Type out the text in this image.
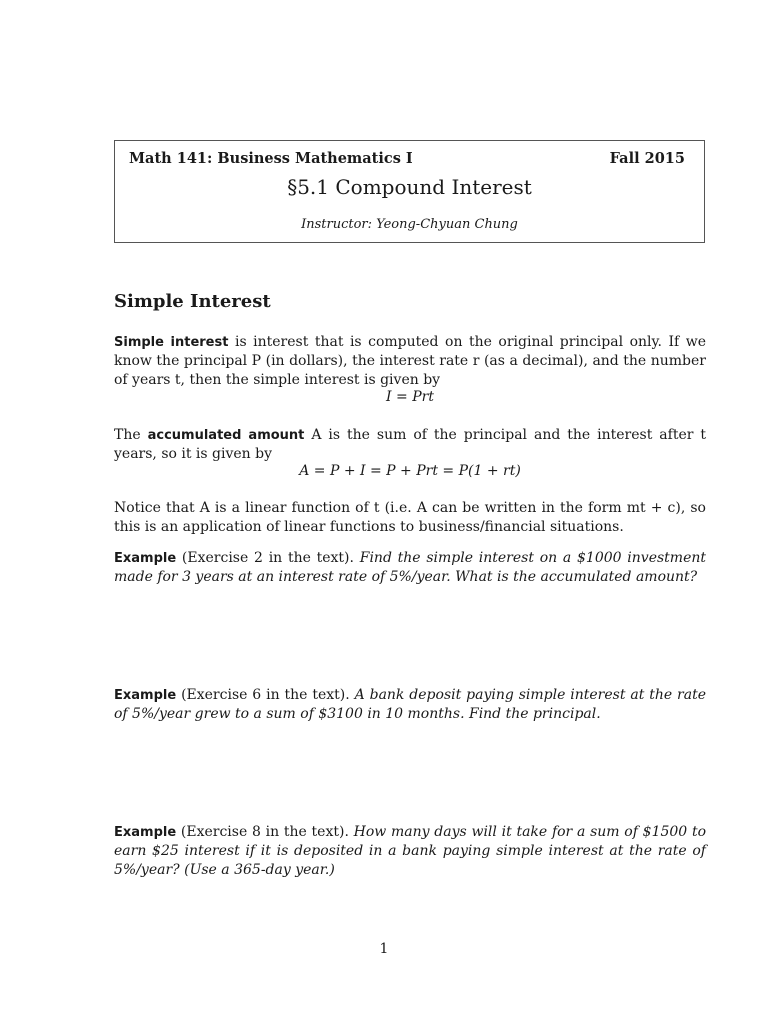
Math 141: Business Mathematics I	Fall 2015
§5.1 Compound Interest
Instructor: Yeong-Chyuan Chung
Simple Interest
Simple interest is interest that is computed on the original principal only. If we know the principal P (in dollars), the interest rate r (as a decimal), and the number of years t, then the simple interest is given by
I = Prt
The accumulated amount A is the sum of the principal and the interest after t years, so it is given by
A = P + I = P + Prt = P(1 + rt)
Notice that A is a linear function of t (i.e. A can be written in the form mt + c), so this is an application of linear functions to business/financial situations.
Example (Exercise 2 in the text). Find the simple interest on a $1000 investment made for 3 years at an interest rate of 5%/year. What is the accumulated amount?
Example (Exercise 6 in the text). A bank deposit paying simple interest at the rate of 5%/year grew to a sum of $3100 in 10 months. Find the principal.
Example (Exercise 8 in the text). How many days will it take for a sum of $1500 to earn $25 interest if it is deposited in a bank paying simple interest at the rate of 5%/year? (Use a 365-day year.)
1
